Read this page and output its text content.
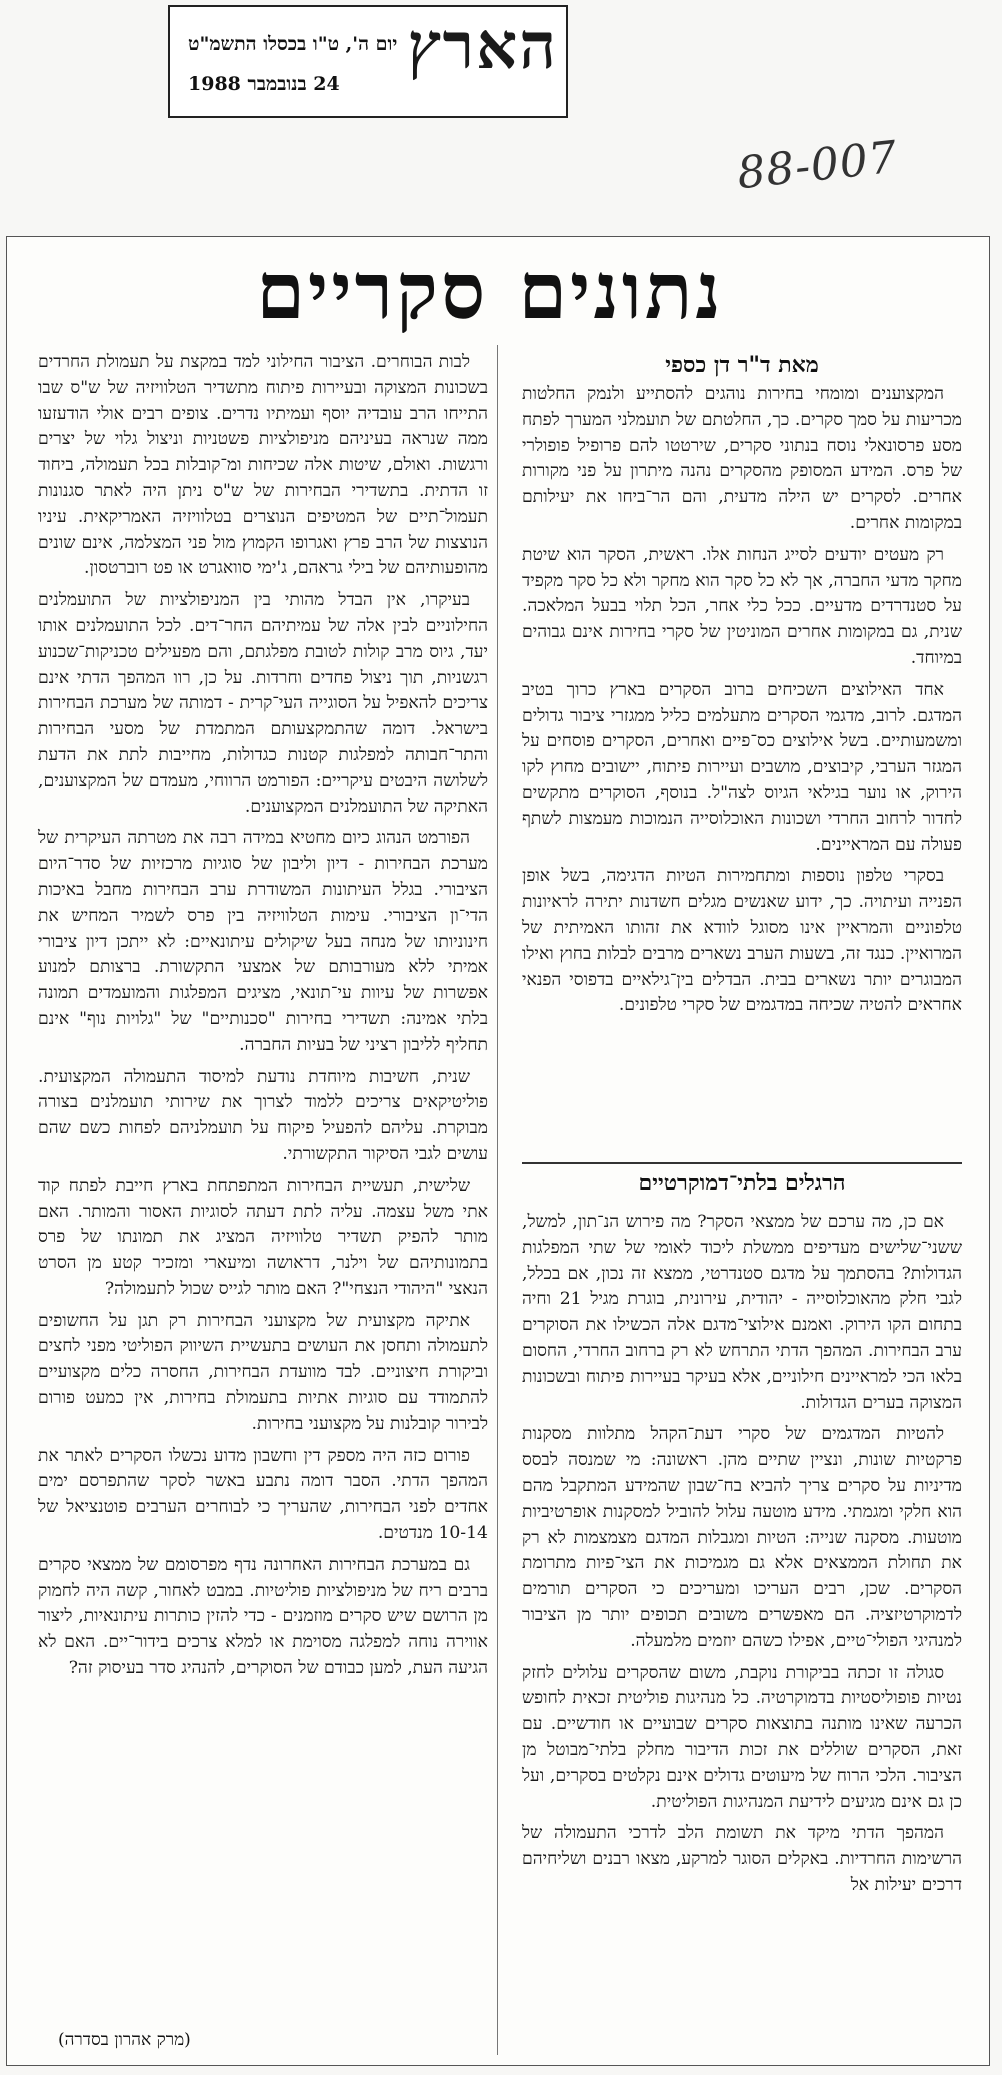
הארץ
יום ה', ט"ו בכסלו התשמ"ט
24 בנובמבר 1988
88-007
נתונים סקריים
מאת ד"ר דן כספי

המקצוענים ומומחי בחירות נוהגים להסתייע ולנמק החלטות מכריעות על סמך סקרים. כך, החלטתם של תועמלני המערך לפתח מסע פרסונאלי נוסח בנתוני סקרים, שירטטו להם פרופיל פופולרי של פרס. המידע המסופק מהסקרים נהנה מיתרון על פני מקורות אחרים. לסקרים יש הילה מדעית, והם הר־ביחו את יעילותם במקומות אחרים.

רק מעטים יודעים לסייג הנחות אלו. ראשית, הסקר הוא שיטת מחקר מדעי החברה, אך לא כל סקר הוא מחקר ולא כל סקר מקפיד על סטנדרדים מדעיים. ככל כלי אחר, הכל תלוי בבעל המלאכה. שנית, גם במקומות אחרים המוניטין של סקרי בחירות אינם גבוהים במיוחד.

אחד האילוצים השכיחים ברוב הסקרים בארץ כרוך בטיב המדגם. לרוב, מדגמי הסקרים מתעלמים כליל ממגזרי ציבור גדולים ומשמעותיים. בשל אילוצים כס־פיים ואחרים, הסקרים פוסחים על המגזר הערבי, קיבוצים, מושבים ועיירות פיתוח, יישובים מחוץ לקו הירוק, או נוער בגילאי הגיוס לצה"ל. בנוסף, הסוקרים מתקשים לחדור לרחוב החרדי ושכונות האוכלוסייה הנמוכות מעמצות לשתף פעולה עם המראיינים.

בסקרי טלפון נוספות ומתחמירות הטיות הדגימה, בשל אופן הפנייה ועיתויה. כך, ידוע שאנשים מגלים חשדנות יתירה לראיונות טלפוניים והמראיין אינו מסוגל לוודא את זהותו האמיתית של המרואיין. כנגד זה, בשעות הערב נשארים מרבים לבלות בחוץ ואילו המבוגרים יותר נשארים בבית. הבדלים בין־גילאיים בדפוסי הפנאי אחראים להטיה שכיחה במדגמים של סקרי טלפונים.

הרגלים בלתי־דמוקרטיים

אם כן, מה ערכם של ממצאי הסקר? מה פירוש הנ־תון, למשל, ששני־שלישים מעדיפים ממשלת ליכוד לאומי של שתי המפלגות הגדולות? בהסתמך על מדגם סטנדרטי, ממצא זה נכון, אם בכלל, לגבי חלק מהאוכלוסייה - יהודית, עירונית, בוגרת מגיל 21 וחיה בתחום הקו הירוק. ואמנם אילוצי־מדגם אלה הכשילו את הסוקרים ערב הבחירות. המהפך הדתי התרחש לא רק ברחוב החרדי, החסום בלאו הכי למראיינים חילוניים, אלא בעיקר בעיירות פיתוח ובשכונות המצוקה בערים הגדולות.

להטיות המדגמים של סקרי דעת־הקהל מתלוות מסקנות פרקטיות שונות, ונציין שתיים מהן. ראשונה: מי שמנסה לבסס מדיניות על סקרים צריך להביא בח־שבון שהמידע המתקבל מהם הוא חלקי ומגמתי. מידע מוטעה עלול להוביל למסקנות אופרטיביות מוטעות. מסקנה שנייה: הטיות ומגבלות המדגם מצמצמות לא רק את תחולת הממצאים אלא גם מגמיכות את הצי־פיות מתרומת הסקרים. שכן, רבים העריכו ומעריכים כי הסקרים תורמים לדמוקרטיזציה. הם מאפשרים משובים תכופים יותר מן הציבור למנהיגי הפולי־טיים, אפילו כשהם יוזמים מלמעלה.

סגולה זו זכתה בביקורת נוקבת, משום שהסקרים עלולים לחזק נטיות פופוליסטיות בדמוקרטיה. כל מנהיגות פוליטית זכאית לחופש הכרעה שאינו מותנה בתוצאות סקרים שבועיים או חודשיים. עם זאת, הסקרים שוללים את זכות הדיבור מחלק בלתי־מבוטל מן הציבור. הלכי הרוח של מיעוטים גדולים אינם נקלטים בסקרים, ועל כן גם אינם מגיעים לידיעת המנהיגות הפוליטית.

המהפך הדתי מיקד את תשומת הלב לדרכי התעמולה של הרשימות החרדיות. באקלים הסוגר למרקע, מצאו רבנים ושליחיהם דרכים יעילות אל

לבות הבוחרים. הציבור החילוני למד במקצת על תעמולת החרדים בשכונות המצוקה ובעיירות פיתוח מתשדיר הטלוויזיה של ש"ס שבו התייחו הרב עובדיה יוסף ועמיתיו נדרים. צופים רבים אולי הודעזעו ממה שנראה בעיניהם מניפולציות פשטניות וניצול גלוי של יצרים ורגשות. ואולם, שיטות אלה שכיחות ומ־קובלות בכל תעמולה, ביחוד זו הדתית. בתשדירי הבחירות של ש"ס ניתן היה לאתר סגנונות תעמול־תיים של המטיפים הנוצרים בטלוויזיה האמריקאית. עיניו הנוצצות של הרב פרץ ואגרופו הקמוץ מול פני המצלמה, אינם שונים מהופעותיהם של בילי גראהם, ג'ימי סוואגרט או פט רוברטסון.

בעיקרו, אין הבדל מהותי בין המניפולציות של התועמלנים החילוניים לבין אלה של עמיתיהם החר־דים. לכל התועמלנים אותו יעד, גיוס מרב קולות לטובת מפלגתם, והם מפעילים טכניקות־שכנוע רגשניות, תוך ניצול פחדים וחרדות. על כן, רוו המהפך הדתי אינם צריכים להאפיל על הסוגייה העי־קרית - דמותה של מערכת הבחירות בישראל. דומה שהתמקצעותם המתמדת של מסעי הבחירות והתר־חבותה למפלגות קטנות כגדולות, מחייבות לתת את הדעת לשלושה היבטים עיקריים: הפורמט הרווחי, מעמדם של המקצוענים, האתיקה של התועמלנים המקצוענים.

הפורמט הנהוג כיום מחטיא במידה רבה את מטרתה העיקרית של מערכת הבחירות - דיון וליבון של סוגיות מרכזיות של סדר־היום הציבורי. בגלל העיתונות המשודרת ערב הבחירות מחבל באיכות הדי־ון הציבורי. עימות הטלוויזיה בין פרס לשמיר המחיש את חינוניותו של מנחה בעל שיקולים עיתונאיים: לא ייתכן דיון ציבורי אמיתי ללא מעורבותם של אמצעי התקשורת. ברצותם למנוע אפשרות של עיוות עי־תונאי, מציגים המפלגות והמועמדים תמונה בלתי אמינה: תשדירי בחירות "סכנותיים" של "גלויות נוף" אינם תחליף לליבון רציני של בעיות החברה.

שנית, חשיבות מיוחדת נודעת למיסוד התעמולה המקצועית. פוליטיקאים צריכים ללמוד לצרוך את שירותי תועמלנים בצורה מבוקרת. עליהם להפעיל פיקוח על תועמלניהם לפחות כשם שהם עושים לגבי הסיקור התקשורתי.

שלישית, תעשיית הבחירות המתפתחת בארץ חייבת לפתח קוד אתי משל עצמה. עליה לתת דעתה לסוגיות האסור והמותר. האם מותר להפיק תשדיר טלוויזיה המציג את תמונתו של פרס בתמונותיהם של וילנר, דראושה ומיעארי ומזכיר קטע מן הסרט הנאצי "היהודי הנצחי"? האם מותר לגייס שכול לתעמולה?

אתיקה מקצועית של מקצועני הבחירות רק תגן על החשופים לתעמולה ותחסן את העושים בתעשיית השיווק הפוליטי מפני לחצים וביקורת חיצוניים. לבד מוועדת הבחירות, החסרה כלים מקצועיים להתמודד עם סוגיות אתיות בתעמולת בחירות, אין כמעט פורום לבירור קובלנות על מקצועני בחירות.

פורום כזה היה מספק דין וחשבון מדוע נכשלו הסקרים לאתר את המהפך הדתי. הסבר דומה נתבע באשר לסקר שהתפרסם ימים אחדים לפני הבחירות, שהעריך כי לבוחרים הערבים פוטנציאל של 10-14 מנדטים.

גם במערכת הבחירות האחרונה נדף מפרסומם של ממצאי סקרים ברבים ריח של מניפולציות פוליטיות. במבט לאחור, קשה היה לחמוק מן הרושם שיש סקרים מוזמנים - כדי להזין כותרות עיתונאיות, ליצור אווירה נוחה למפלגה מסוימת או למלא צרכים בידור־יים. האם לא הגיעה העת, למען כבודם של הסוקרים, להנהיג סדר בעיסוק זה?

(מרק אהרון בסדרה)
